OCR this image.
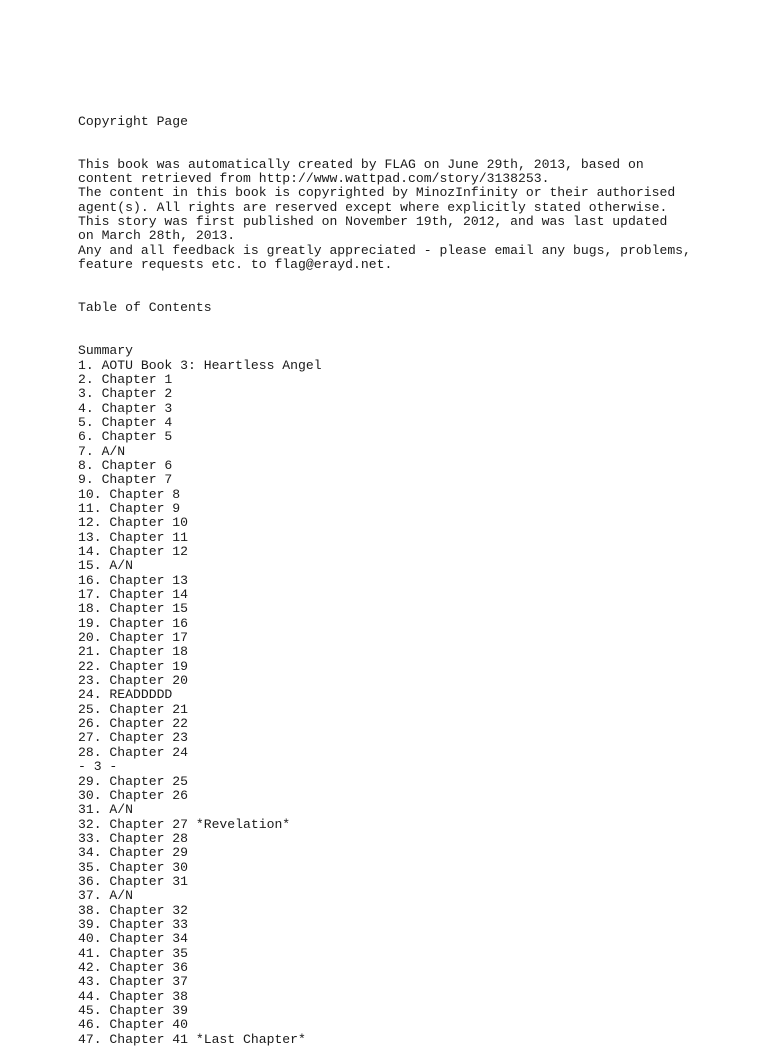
Copyright Page

This book was automatically created by FLAG on June 29th, 2013, based on
content retrieved from http://www.wattpad.com/story/3138253.
The content in this book is copyrighted by MinozInfinity or their authorised
agent(s). All rights are reserved except where explicitly stated otherwise.
This story was first published on November 19th, 2012, and was last updated
on March 28th, 2013.
Any and all feedback is greatly appreciated - please email any bugs, problems,
feature requests etc. to flag@erayd.net.

Table of Contents

Summary
1. AOTU Book 3: Heartless Angel
2. Chapter 1
3. Chapter 2
4. Chapter 3
5. Chapter 4
6. Chapter 5
7. A/N
8. Chapter 6
9. Chapter 7
10. Chapter 8
11. Chapter 9
12. Chapter 10
13. Chapter 11
14. Chapter 12
15. A/N
16. Chapter 13
17. Chapter 14
18. Chapter 15
19. Chapter 16
20. Chapter 17
21. Chapter 18
22. Chapter 19
23. Chapter 20
24. READDDDD
25. Chapter 21
26. Chapter 22
27. Chapter 23
28. Chapter 24
- 3 -
29. Chapter 25
30. Chapter 26
31. A/N
32. Chapter 27 *Revelation*
33. Chapter 28
34. Chapter 29
35. Chapter 30
36. Chapter 31
37. A/N
38. Chapter 32
39. Chapter 33
40. Chapter 34
41. Chapter 35
42. Chapter 36
43. Chapter 37
44. Chapter 38
45. Chapter 39
46. Chapter 40
47. Chapter 41 *Last Chapter*
